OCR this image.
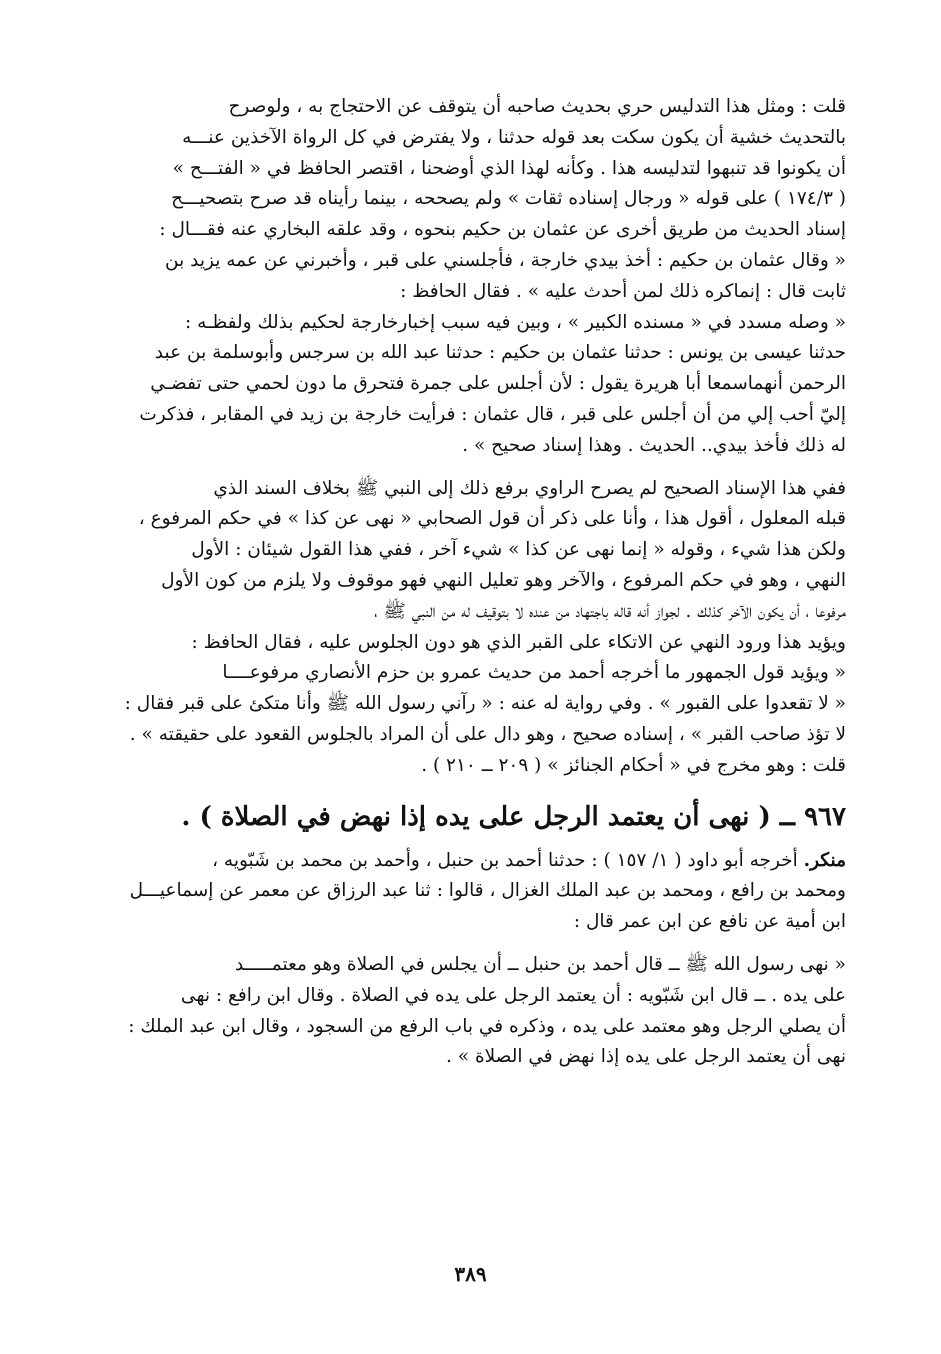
قلت : ومثل هذا التدليس حري بحديث صاحبه أن يتوقف عن الاحتجاج به ، ولوصرح
بالتحديث خشية أن يكون سكت بعد قوله حدثنا ، ولا يفترض في كل الرواة الآخذين عنـــه
أن يكونوا قد تنبهوا لتدليسه هذا . وكأنه لهذا الذي أوضحنا ، اقتصر الحافظ في « الفتـــح »
( ١٧٤/٣ ) على قوله « ورجال إسناده ثقات » ولم يصححه ، بينما رأيناه قد صرح بتصحيـــح
إسناد الحديث من طريق أخرى عن عثمان بن حكيم بنحوه ، وقد علقه البخاري عنه فقـــال :
« وقال عثمان بن حكيم : أخذ بيدي خارجة ، فأجلسني على قبر ، وأخبرني عن عمه يزيد بن
ثابت قال : إنماكره ذلك لمن أحدث عليه » . فقال الحافظ :
« وصله مسدد في « مسنده الكبير » ، وبين فيه سبب إخبارخارجة لحكيم بذلك ولفظـه :
حدثنا عيسى بن يونس : حدثنا عثمان بن حكيم : حدثنا عبد الله بن سرجس وأبوسلمة بن عبد
الرحمن أنهماسمعا أبا هريرة يقول : لأن أجلس على جمرة فتحرق ما دون لحمي حتى تفضـي
إليّ أحب إلي من أن أجلس على قبر ، قال عثمان : فرأيت خارجة بن زيد في المقابر ، فذكرت
له ذلك فأخذ بيدي.. الحديث . وهذا إسناد صحيح » .
ففي هذا الإسناد الصحيح لم يصرح الراوي برفع ذلك إلى النبي ﷺ بخلاف السند الذي
قبله المعلول ، أقول هذا ، وأنا على ذكر أن قول الصحابي « نهى عن كذا » في حكم المرفوع ،
ولكن هذا شيء ، وقوله « إنما نهى عن كذا » شيء آخر ، ففي هذا القول شيئان : الأول
النهي ، وهو في حكم المرفوع ، والآخر وهو تعليل النهي فهو موقوف ولا يلزم من كون الأول
مرفوعا ، أن يكون الآخر كذلك . لجواز أنه قاله باجتهاد من عنده لا بتوقيف له من النبي ﷺ ،
ويؤيد هذا ورود النهي عن الاتكاء على القبر الذي هو دون الجلوس عليه ، فقال الحافظ :
« ويؤيد قول الجمهور ما أخرجه أحمد من حديث عمرو بن حزم الأنصاري مرفوعــــا
« لا تقعدوا على القبور » . وفي رواية له عنه : « رآني رسول الله ﷺ وأنا متكئ على قبر فقال :
لا تؤذ صاحب القبر » ، إسناده صحيح ، وهو دال على أن المراد بالجلوس القعود على حقيقته » .
قلت : وهو مخرج في « أحكام الجنائز » ( ٢٠٩ ــ ٢١٠ ) .
٩٦٧ ــ ( نهى أن يعتمد الرجل على يده إذا نهض في الصلاة ) .
منكر. أخرجه أبو داود ( ١/ ١٥٧ ) : حدثنا أحمد بن حنبل ، وأحمد بن محمد بن شَبّويه ،
ومحمد بن رافع ، ومحمد بن عبد الملك الغزال ، قالوا : ثنا عبد الرزاق عن معمر عن إسماعيـــل
ابن أمية عن نافع عن ابن عمر قال :
« نهى رسول الله ﷺ ــ قال أحمد بن حنبل ــ أن يجلس في الصلاة وهو معتمـــــد
على يده . ــ قال ابن شَبّويه : أن يعتمد الرجل على يده في الصلاة . وقال ابن رافع : نهى
أن يصلي الرجل وهو معتمد على يده ، وذكره في باب الرفع من السجود ، وقال ابن عبد الملك :
نهى أن يعتمد الرجل على يده إذا نهض في الصلاة » .
٣٨٩
